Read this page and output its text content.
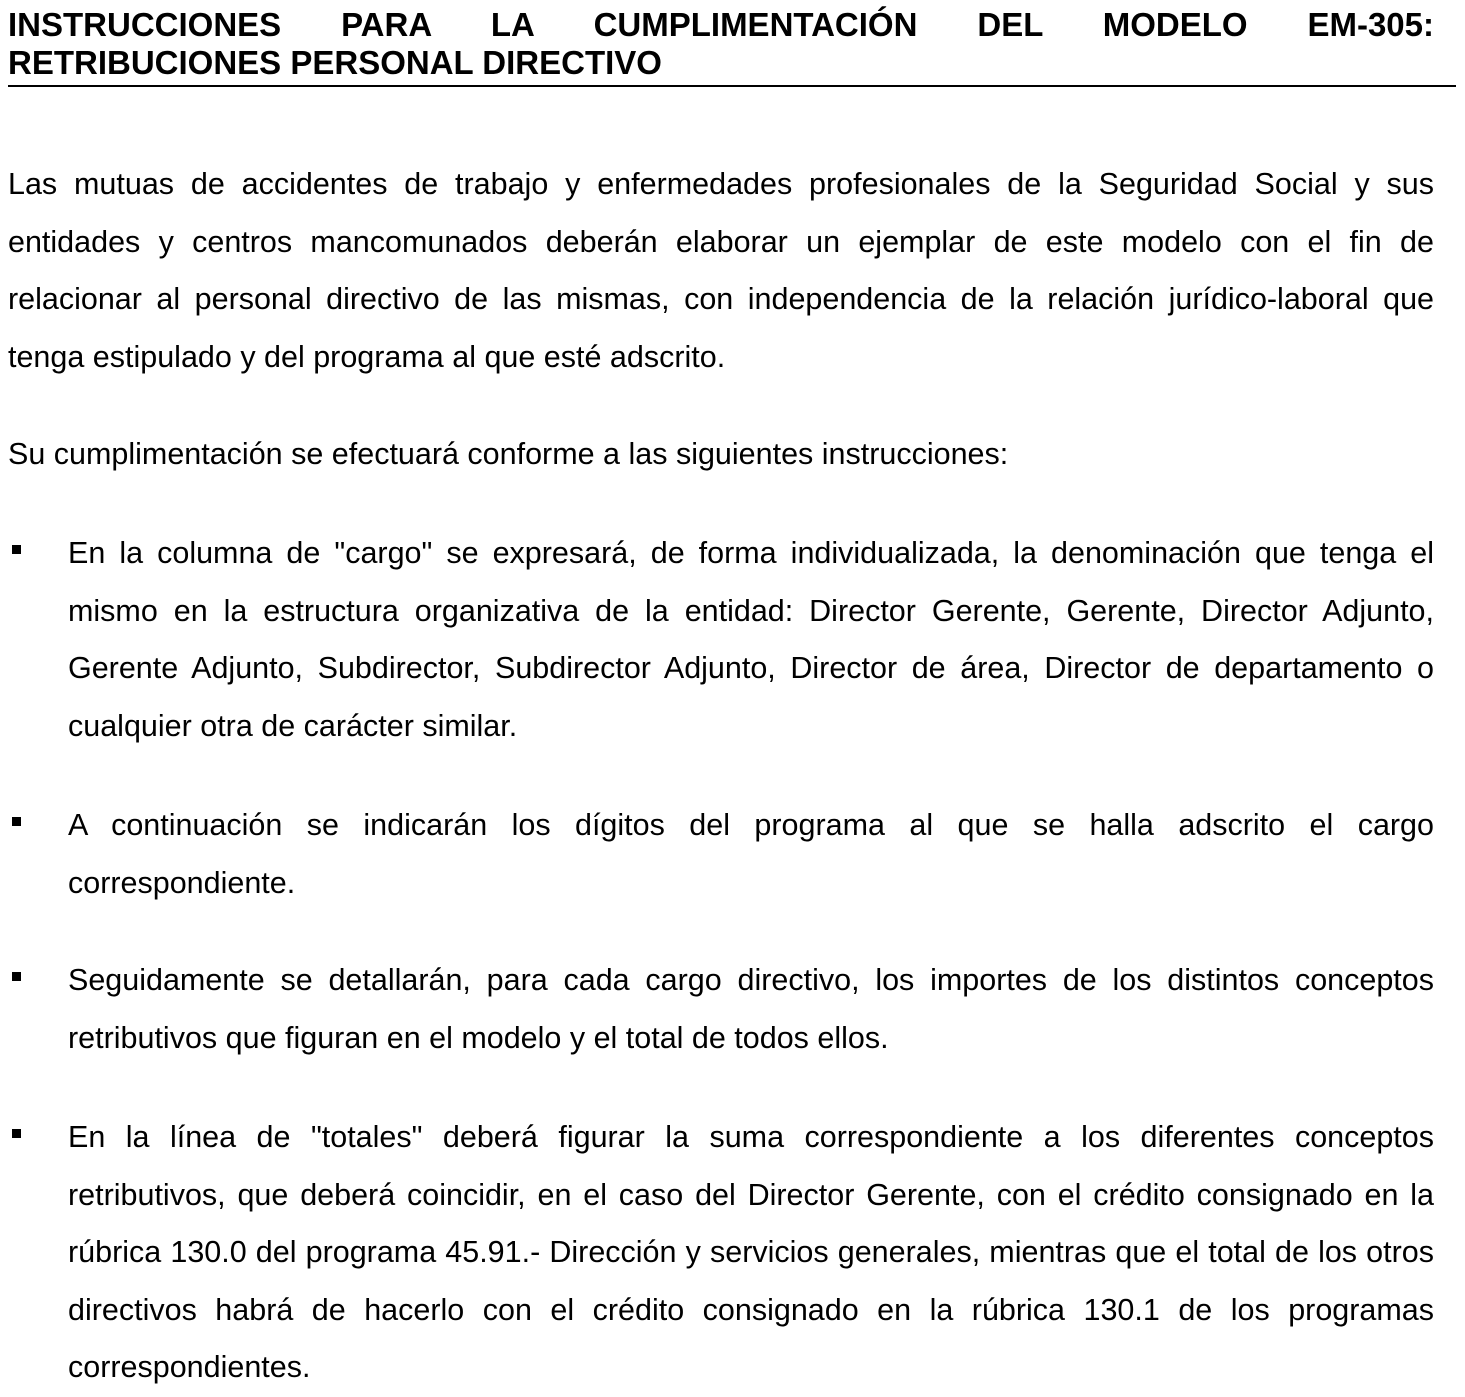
INSTRUCCIONES PARA LA CUMPLIMENTACIÓN DEL MODELO EM-305:
RETRIBUCIONES PERSONAL DIRECTIVO

Las mutuas de accidentes de trabajo y enfermedades profesionales de la Seguridad Social y sus entidades y centros mancomunados deberán elaborar un ejemplar de este modelo con el fin de relacionar al personal directivo de las mismas, con independencia de la relación jurídico-laboral que tenga estipulado y del programa al que esté adscrito.

Su cumplimentación se efectuará conforme a las siguientes instrucciones:

En la columna de "cargo" se expresará, de forma individualizada, la denominación que tenga el mismo en la estructura organizativa de la entidad: Director Gerente, Gerente, Director Adjunto, Gerente Adjunto, Subdirector, Subdirector Adjunto, Director de área, Director de departamento o cualquier otra de carácter similar.
A continuación se indicarán los dígitos del programa al que se halla adscrito el cargo correspondiente.
Seguidamente se detallarán, para cada cargo directivo, los importes de los distintos conceptos retributivos que figuran en el modelo y el total de todos ellos.
En la línea de "totales" deberá figurar la suma correspondiente a los diferentes conceptos retributivos, que deberá coincidir, en el caso del Director Gerente, con el crédito consignado en la rúbrica 130.0 del programa 45.91.- Dirección y servicios generales, mientras que el total de los otros directivos habrá de hacerlo con el crédito consignado en la rúbrica 130.1 de los programas correspondientes.
